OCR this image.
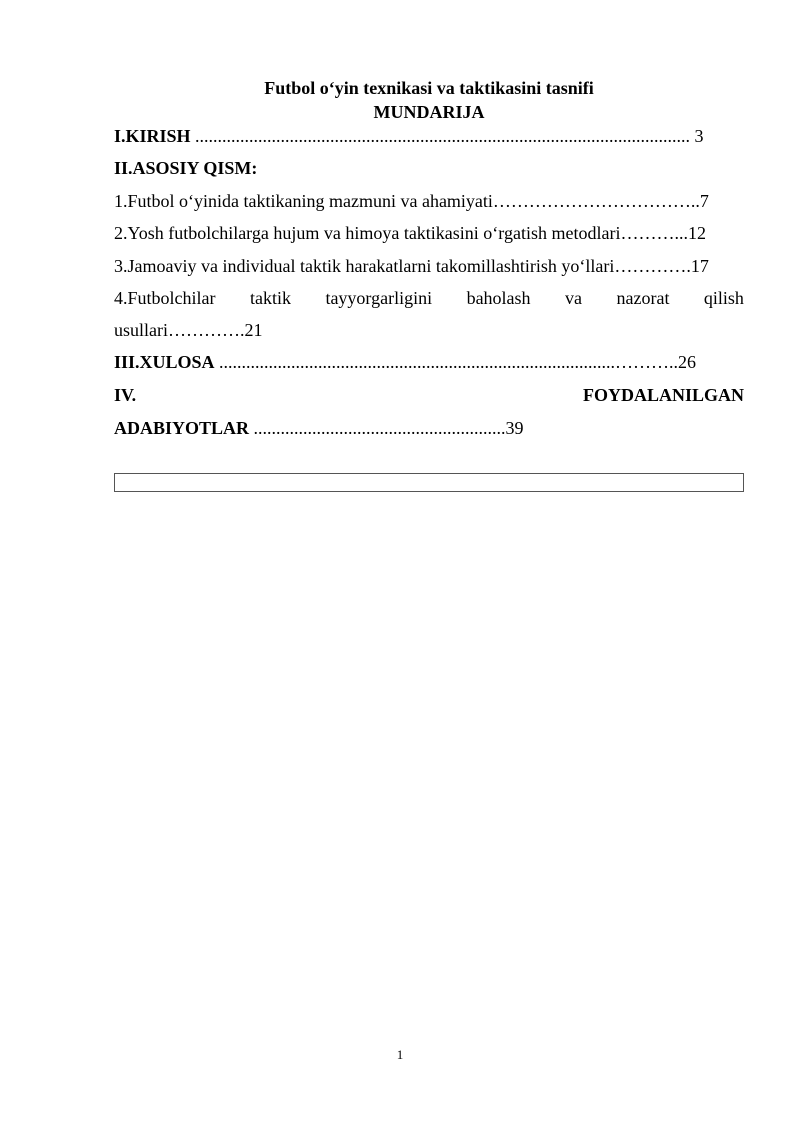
Futbol o‘yin texnikasi va taktikasini tasnifi
MUNDARIJA
I.KIRISH .............................................................................................................. 3
II.ASOSIY QISM:
1.Futbol o‘yinida taktikaning mazmuni va ahamiyati……………………………..7
2.Yosh futbolchilarga hujum va himoya taktikasini o‘rgatish metodlari………...12
3.Jamoaviy va individual taktik harakatlarni takomillashtirish yo‘llari………….17
4.Futbolchilar taktik tayyorgarligini baholash va nazorat qilish
usullari………….21
III.XULOSA ........................................................................................………..26
IV.	FOYDALANILGAN
ADABIYOTLAR ........................................................39
1
